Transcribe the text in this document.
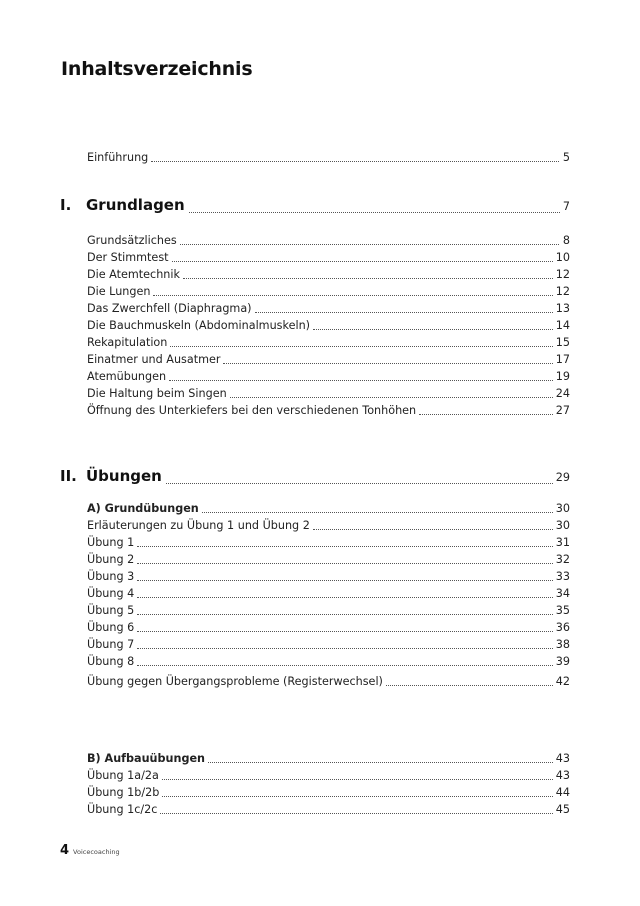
Inhaltsverzeichnis
Einführung	5
I. Grundlagen	7
Grundsätzliches	8
Der Stimmtest	10
Die Atemtechnik	12
Die Lungen	12
Das Zwerchfell (Diaphragma)	13
Die Bauchmuskeln (Abdominalmuskeln)	14
Rekapitulation	15
Einatmer und Ausatmer	17
Atemübungen	19
Die Haltung beim Singen	24
Öffnung des Unterkiefers bei den verschiedenen Tonhöhen	27
II. Übungen	29
A) Grundübungen	30
Erläuterungen zu Übung 1 und Übung 2	30
Übung 1	31
Übung 2	32
Übung 3	33
Übung 4	34
Übung 5	35
Übung 6	36
Übung 7	38
Übung 8	39
Übung gegen Übergangsprobleme (Registerwechsel)	42
B) Aufbauübungen	43
Übung 1a/2a	43
Übung 1b/2b	44
Übung 1c/2c	45
4 Voicecoaching
